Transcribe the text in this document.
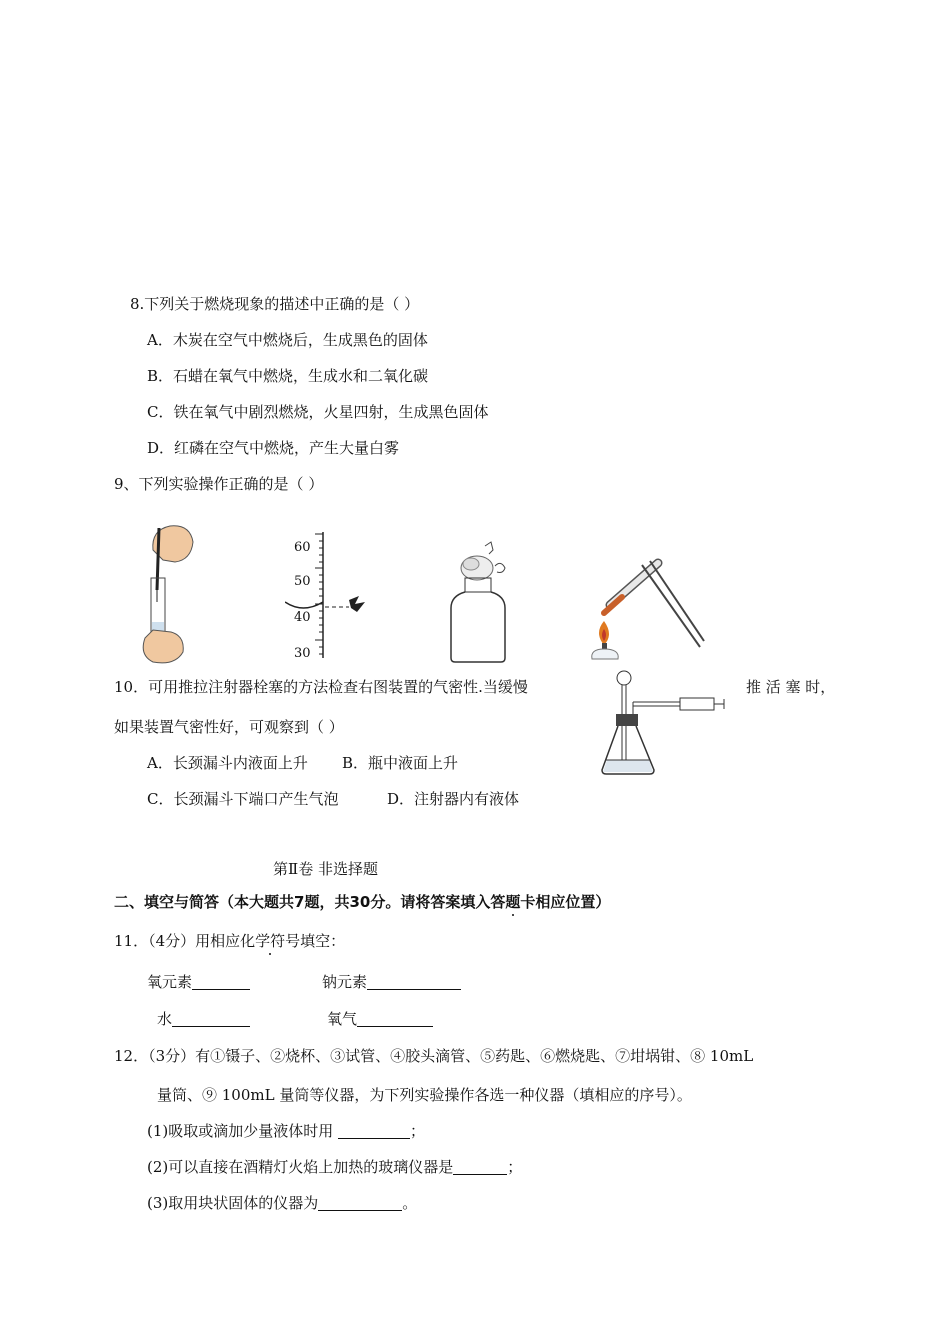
8.下列关于燃烧现象的描述中正确的是（ ）
A．木炭在空气中燃烧后，生成黑色的固体
B．石蜡在氧气中燃烧，生成水和二氧化碳
C．铁在氧气中剧烈燃烧，火星四射，生成黑色固体
D．红磷在空气中燃烧，产生大量白雾
9、下列实验操作正确的是（ ）
60
50
40
30
10．可用推拉注射器栓塞的方法检查右图装置的气密性.当缓慢	推 活 塞 时，
如果装置气密性好，可观察到（ ）
A．长颈漏斗内液面上升 B．瓶中液面上升
C．长颈漏斗下端口产生气泡	D．注射器内有液体
第Ⅱ卷 非选择题
二、填空与简答（本大题共7题，共30分。请将答案填入答题卡相应位置）
11．（4分）用相应化学符号填空：
氧元素	钠元素
水	氧气
12．（3分）有①镊子、②烧杯、③试管、④胶头滴管、⑤药匙、⑥燃烧匙、⑦坩埚钳、⑧ 10mL
量筒、⑨ 100mL 量筒等仪器，为下列实验操作各选一种仪器（填相应的序号）。
(1)吸取或滴加少量液体时用	；
(2)可以直接在酒精灯火焰上加热的玻璃仪器是	；
(3)取用块状固体的仪器为	。
